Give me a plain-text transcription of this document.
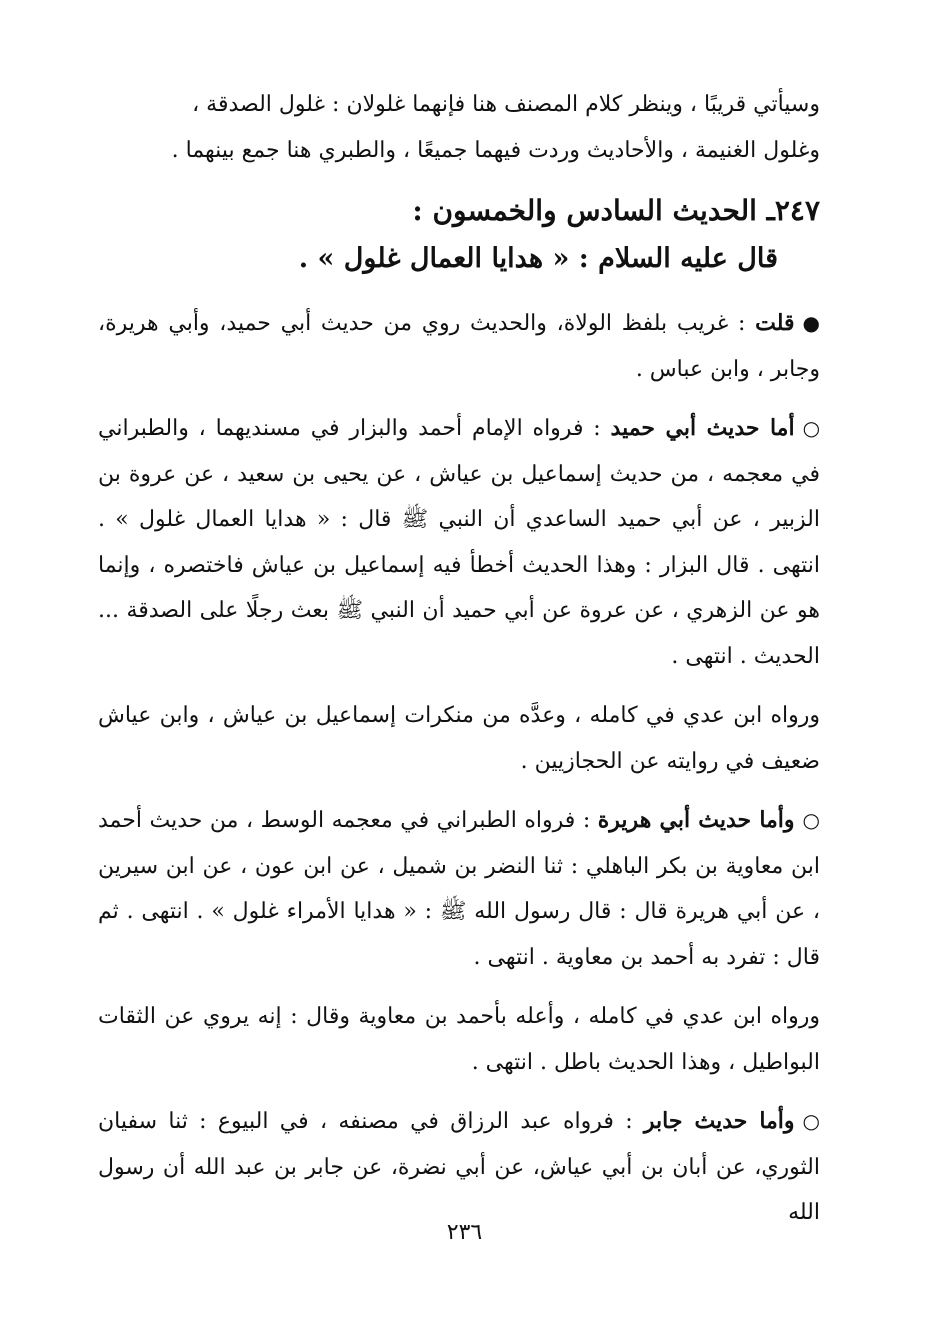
وسيأتي قريبًا ، وينظر كلام المصنف هنا فإنهما غلولان : غلول الصدقة ،
وغلول الغنيمة ، والأحاديث وردت فيهما جميعًا ، والطبري هنا جمع بينهما .

٢٤٧ـ الحديث السادس والخمسون :

قال عليه السلام : « هدايا العمال غلول » .

●قلت : غريب بلفظ الولاة، والحديث روي من حديث أبي حميد، وأبي هريرة، وجابر ، وابن عباس .

○أما حديث أبي حميد : فرواه الإمام أحمد والبزار في مسنديهما ، والطبراني في معجمه ، من حديث إسماعيل بن عياش ، عن يحيى بن سعيد ، عن عروة بن الزبير ، عن أبي حميد الساعدي أن النبي ﷺ قال : « هدايا العمال غلول » . انتهى . قال البزار : وهذا الحديث أخطأ فيه إسماعيل بن عياش فاختصره ، وإنما هو عن الزهري ، عن عروة عن أبي حميد أن النبي ﷺ بعث رجلًا على الصدقة ... الحديث . انتهى .

ورواه ابن عدي في كامله ، وعدَّه من منكرات إسماعيل بن عياش ، وابن عياش ضعيف في روايته عن الحجازيين .

○وأما حديث أبي هريرة : فرواه الطبراني في معجمه الوسط ، من حديث أحمد ابن معاوية بن بكر الباهلي : ثنا النضر بن شميل ، عن ابن عون ، عن ابن سيرين ، عن أبي هريرة قال : قال رسول الله ﷺ : « هدايا الأمراء غلول » . انتهى . ثم قال : تفرد به أحمد بن معاوية . انتهى .

ورواه ابن عدي في كامله ، وأعله بأحمد بن معاوية وقال : إنه يروي عن الثقات البواطيل ، وهذا الحديث باطل . انتهى .

○وأما حديث جابر : فرواه عبد الرزاق في مصنفه ، في البيوع : ثنا سفيان الثوري، عن أبان بن أبي عياش، عن أبي نضرة، عن جابر بن عبد الله أن رسول الله

٢٣٦
